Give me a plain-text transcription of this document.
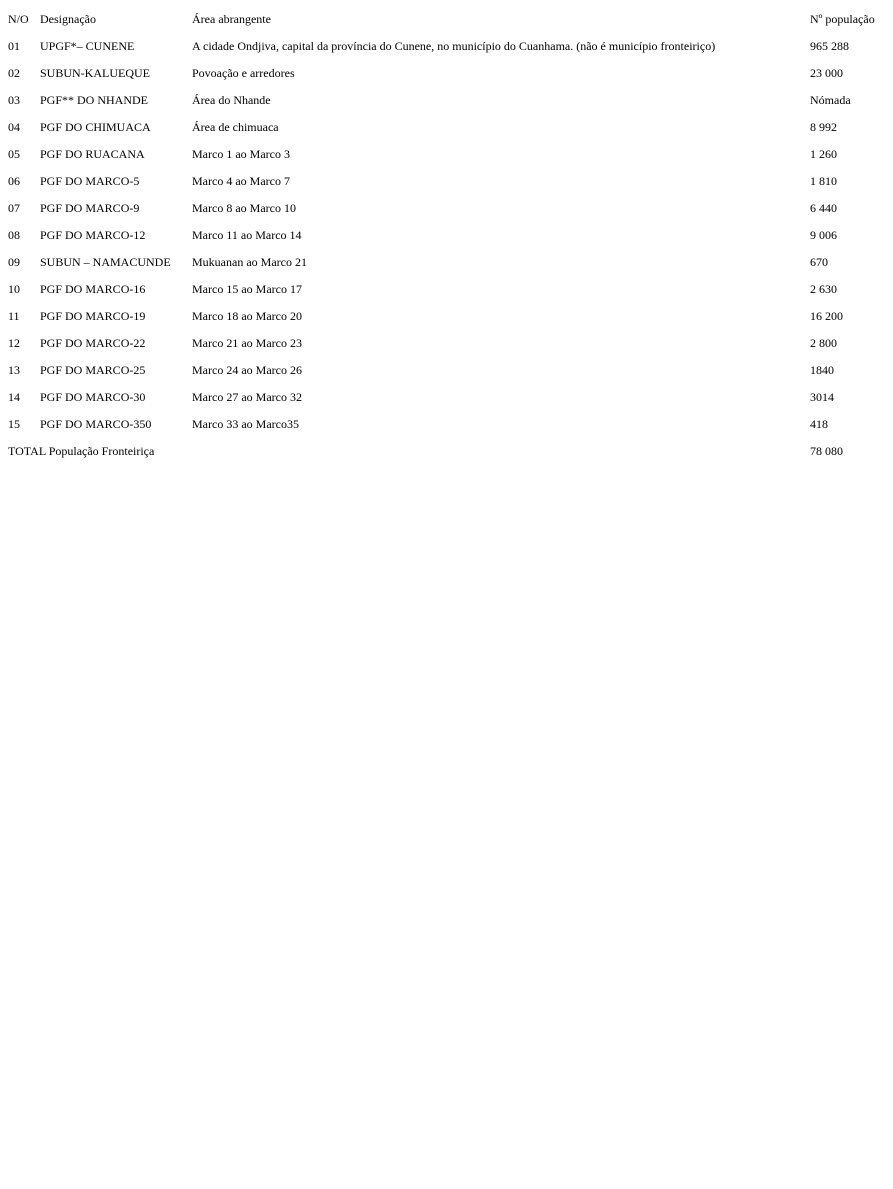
N/O	Designação	Área abrangente	Nº população
01	UPGF*– CUNENE	A cidade Ondjiva, capital da província do Cunene, no município do Cuanhama. (não é município fronteiriço)	965 288
02	SUBUN-KALUEQUE	Povoação e arredores	23 000
03	PGF** DO NHANDE	Área do Nhande	Nómada
04	PGF DO CHIMUACA	Área de chimuaca	8 992
05	PGF DO RUACANA	Marco 1 ao Marco 3	1 260
06	PGF DO MARCO-5	Marco 4 ao Marco 7	1 810
07	PGF DO MARCO-9	Marco 8 ao Marco 10	6 440
08	PGF DO MARCO-12	Marco 11 ao Marco 14	9 006
09	SUBUN – NAMACUNDE	Mukuanan ao Marco 21	670
10	PGF DO MARCO-16	Marco 15 ao Marco 17	2 630
11	PGF DO MARCO-19	Marco 18 ao Marco 20	16 200
12	PGF DO MARCO-22	Marco 21 ao Marco 23	2 800
13	PGF DO MARCO-25	Marco 24 ao Marco 26	1840
14	PGF DO MARCO-30	Marco 27 ao Marco 32	3014
15	PGF DO MARCO-350	Marco 33 ao Marco35	418
TOTAL População Fronteiriça			78 080
